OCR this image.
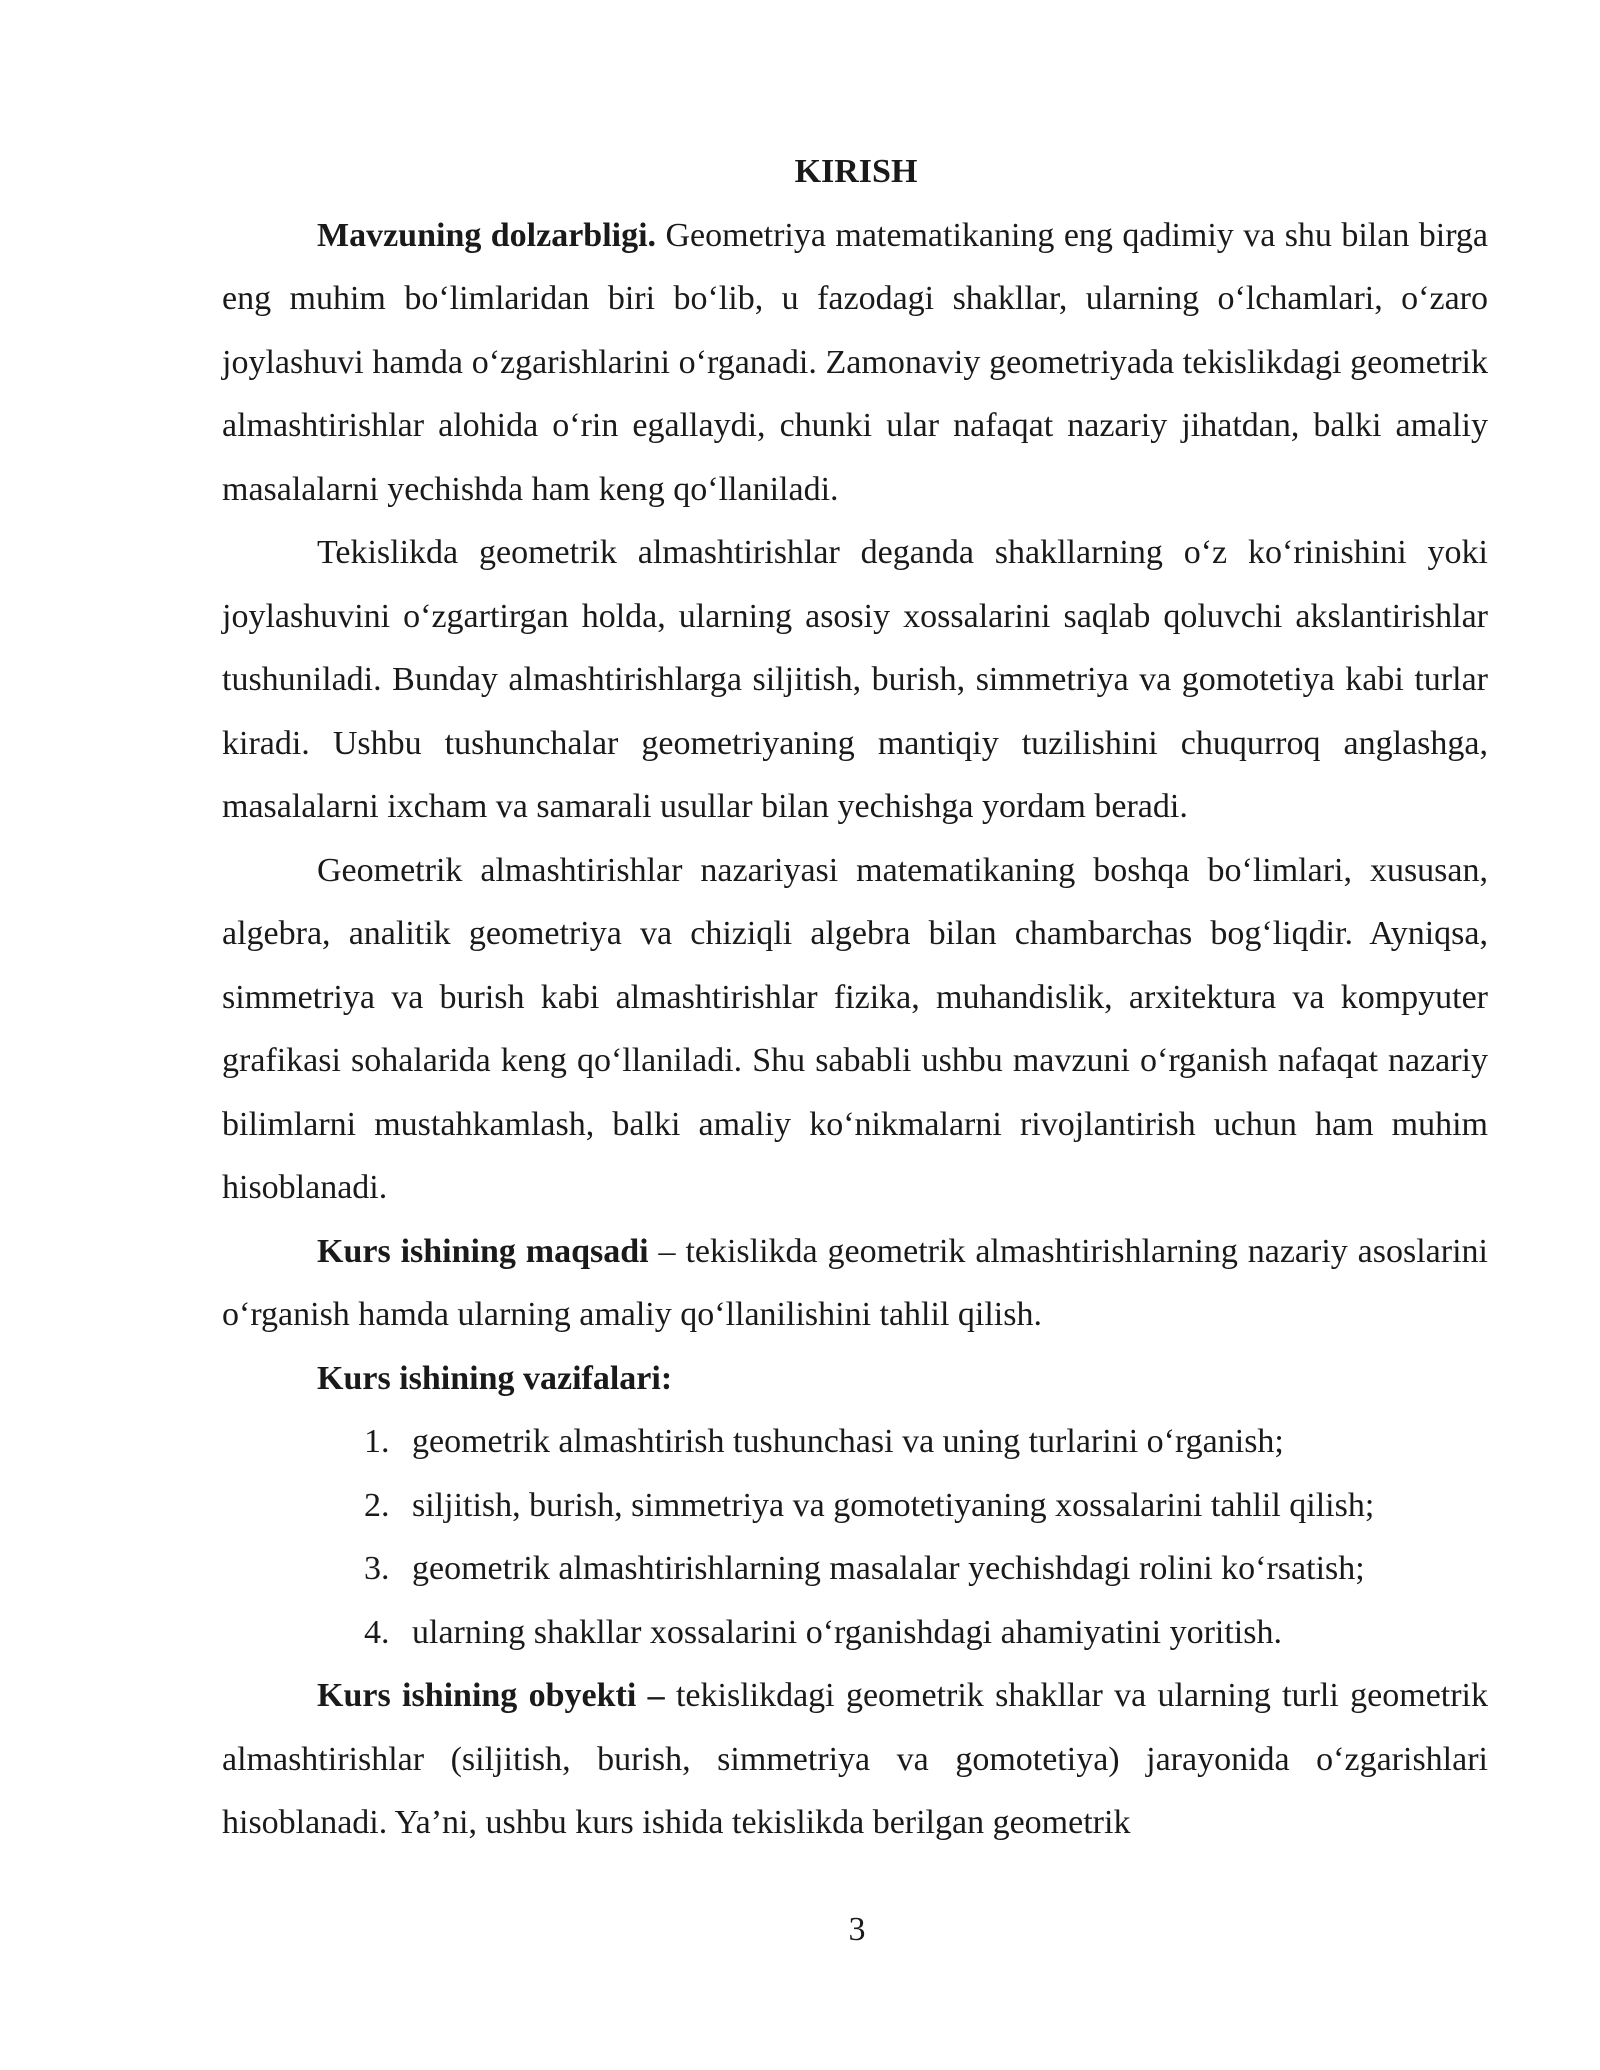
KIRISH

Mavzuning dolzarbligi. Geometriya matematikaning eng qadimiy va shu bilan birga eng muhim bo‘limlaridan biri bo‘lib, u fazodagi shakllar, ularning o‘lchamlari, o‘zaro joylashuvi hamda o‘zgarishlarini o‘rganadi. Zamonaviy geometriyada tekislikdagi geometrik almashtirishlar alohida o‘rin egallaydi, chunki ular nafaqat nazariy jihatdan, balki amaliy masalalarni yechishda ham keng qo‘llaniladi.

Tekislikda geometrik almashtirishlar deganda shakllarning o‘z ko‘rinishini yoki joylashuvini o‘zgartirgan holda, ularning asosiy xossalarini saqlab qoluvchi akslantirishlar tushuniladi. Bunday almashtirishlarga siljitish, burish, simmetriya va gomotetiya kabi turlar kiradi. Ushbu tushunchalar geometriyaning mantiqiy tuzilishini chuqurroq anglashga, masalalarni ixcham va samarali usullar bilan yechishga yordam beradi.

Geometrik almashtirishlar nazariyasi matematikaning boshqa bo‘limlari, xususan, algebra, analitik geometriya va chiziqli algebra bilan chambarchas bog‘liqdir. Ayniqsa, simmetriya va burish kabi almashtirishlar fizika, muhandislik, arxitektura va kompyuter grafikasi sohalarida keng qo‘llaniladi. Shu sababli ushbu mavzuni o‘rganish nafaqat nazariy bilimlarni mustahkamlash, balki amaliy ko‘nikmalarni rivojlantirish uchun ham muhim hisoblanadi.

Kurs ishining maqsadi – tekislikda geometrik almashtirishlarning nazariy asoslarini o‘rganish hamda ularning amaliy qo‘llanilishini tahlil qilish.

Kurs ishining vazifalari:
1. geometrik almashtirish tushunchasi va uning turlarini o‘rganish;
2. siljitish, burish, simmetriya va gomotetiyaning xossalarini tahlil qilish;
3. geometrik almashtirishlarning masalalar yechishdagi rolini ko‘rsatish;
4. ularning shakllar xossalarini o‘rganishdagi ahamiyatini yoritish.

Kurs ishining obyekti – tekislikdagi geometrik shakllar va ularning turli geometrik almashtirishlar (siljitish, burish, simmetriya va gomotetiya) jarayonida o‘zgarishlari hisoblanadi. Ya’ni, ushbu kurs ishida tekislikda berilgan geometrik

3
